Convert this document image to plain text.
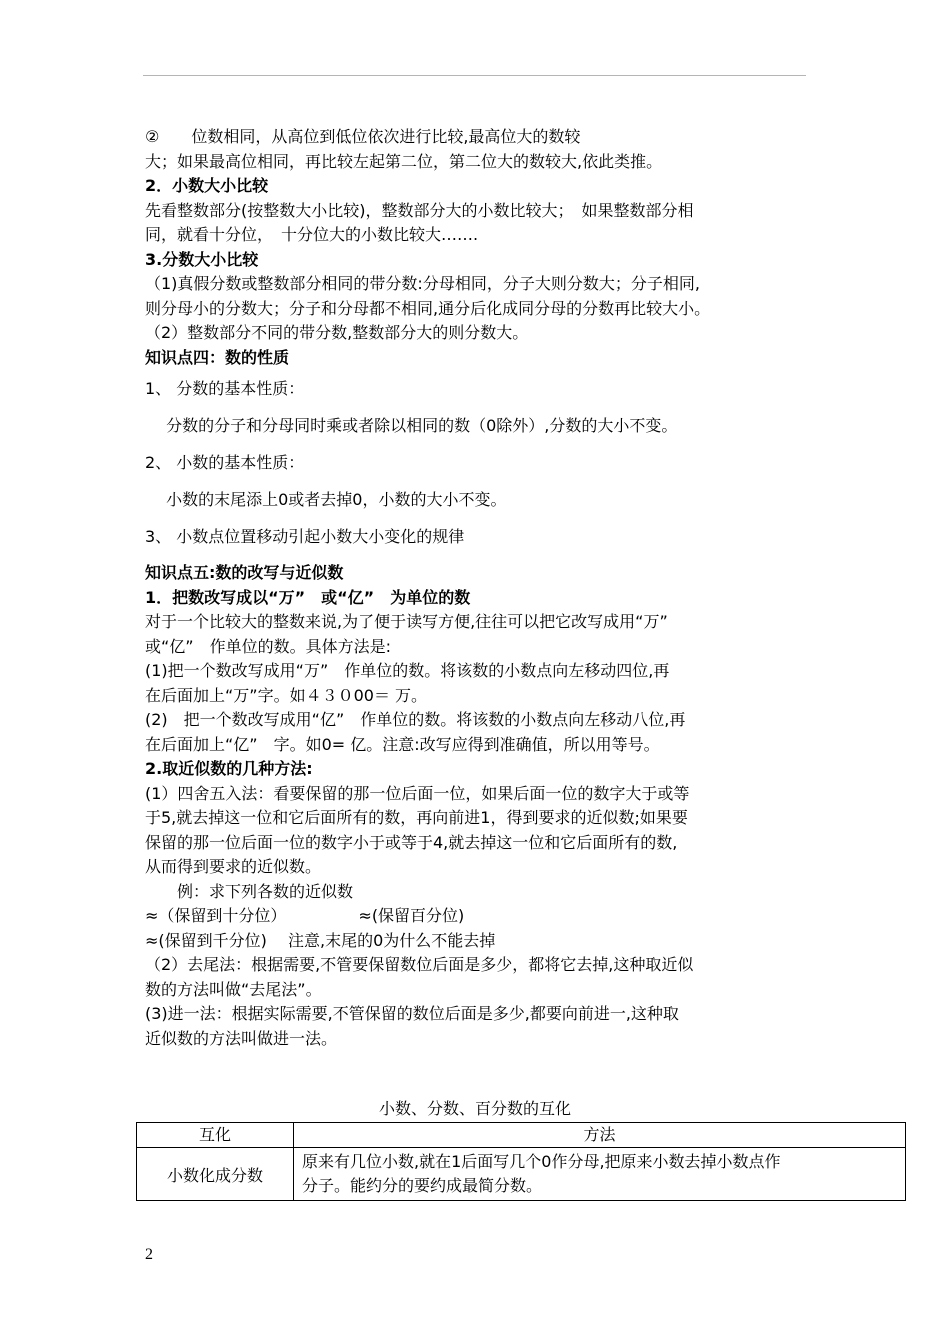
②　　位数相同，从高位到低位依次进行比较,最高位大的数较
大；如果最高位相同，再比较左起第二位，第二位大的数较大,依此类推。
2．小数大小比较
先看整数部分(按整数大小比较)，整数部分大的小数比较大；　如果整数部分相
同，就看十分位，　十分位大的小数比较大…….
3.分数大小比较
（1)真假分数或整数部分相同的带分数:分母相同，分子大则分数大；分子相同,
则分母小的分数大；分子和分母都不相同,通分后化成同分母的分数再比较大小。
（2）整数部分不同的带分数,整数部分大的则分数大。
知识点四：数的性质
1、 分数的基本性质：
　 分数的分子和分母同时乘或者除以相同的数（0除外）,分数的大小不变。
2、 小数的基本性质：
　 小数的末尾添上0或者去掉0，小数的大小不变。
3、 小数点位置移动引起小数大小变化的规律
知识点五:数的改写与近似数
1．把数改写成以“万”　或“亿”　为单位的数
对于一个比较大的整数来说,为了便于读写方便,往往可以把它改写成用“万”
或“亿”　作单位的数。具体方法是:
(1)把一个数改写成用“万”　作单位的数。将该数的小数点向左移动四位,再
在后面加上“万”字。如４３０00＝ 万。
(2)　把一个数改写成用“亿”　作单位的数。将该数的小数点向左移动八位,再
在后面加上“亿”　字。如0= 亿。注意:改写应得到准确值，所以用等号。
2.取近似数的几种方法:
(1）四舍五入法：看要保留的那一位后面一位，如果后面一位的数字大于或等
于5,就去掉这一位和它后面所有的数，再向前进1，得到要求的近似数;如果要
保留的那一位后面一位的数字小于或等于4,就去掉这一位和它后面所有的数,
从而得到要求的近似数。
　　例：求下列各数的近似数
≈（保留到十分位）　　　　　≈(保留百分位)
≈(保留到千分位)　 注意,末尾的0为什么不能去掉
（2）去尾法：根据需要,不管要保留数位后面是多少，都将它去掉,这种取近似
数的方法叫做“去尾法”。
(3)进一法：根据实际需要,不管保留的数位后面是多少,都要向前进一,这种取
近似数的方法叫做进一法。
小数、分数、百分数的互化
互化	方法
小数化成分数	原来有几位小数,就在1后面写几个0作分母,把原来小数去掉小数点作
分子。能约分的要约成最简分数。
2
